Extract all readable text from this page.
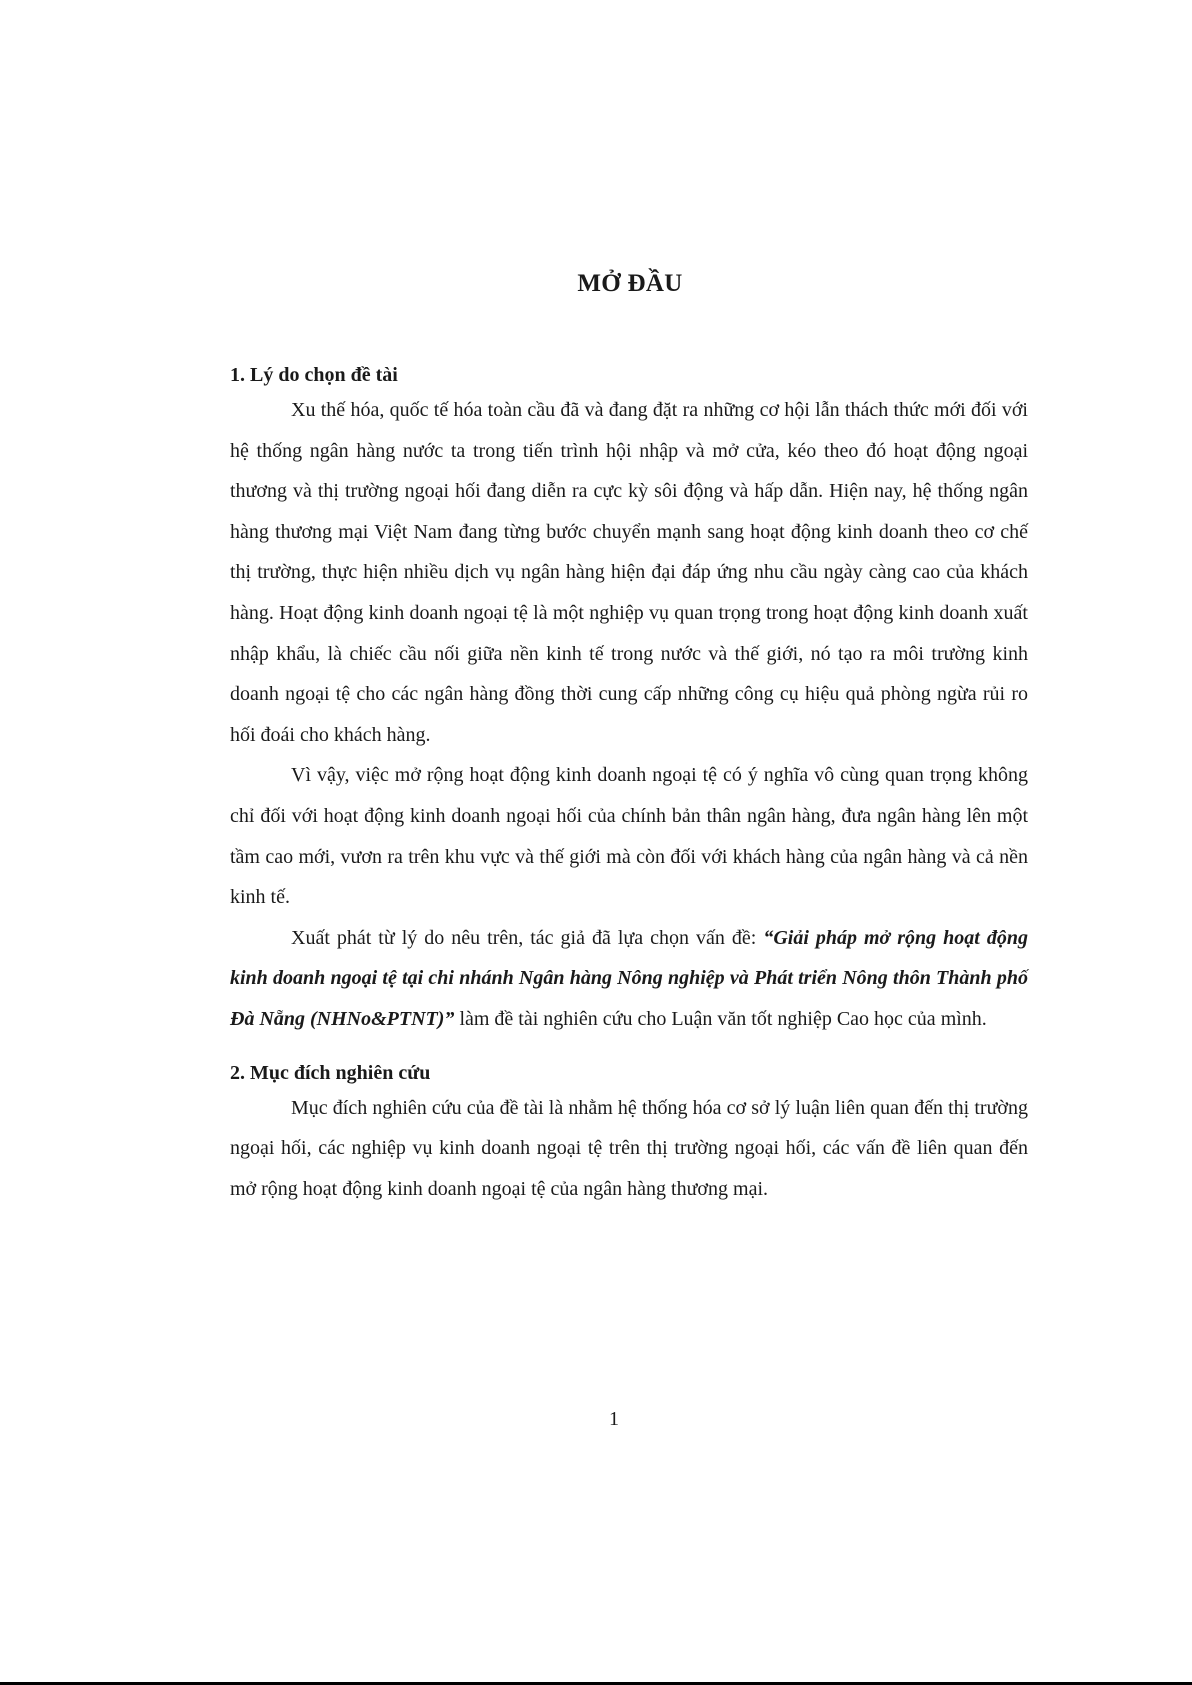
MỞ ĐẦU
1. Lý do chọn đề tài

Xu thế hóa, quốc tế hóa toàn cầu đã và đang đặt ra những cơ hội lẫn thách thức mới đối với hệ thống ngân hàng nước ta trong tiến trình hội nhập và mở cửa, kéo theo đó hoạt động ngoại thương và thị trường ngoại hối đang diễn ra cực kỳ sôi động và hấp dẫn. Hiện nay, hệ thống ngân hàng thương mại Việt Nam đang từng bước chuyển mạnh sang hoạt động kinh doanh theo cơ chế thị trường, thực hiện nhiều dịch vụ ngân hàng hiện đại đáp ứng nhu cầu ngày càng cao của khách hàng. Hoạt động kinh doanh ngoại tệ là một nghiệp vụ quan trọng trong hoạt động kinh doanh xuất nhập khẩu, là chiếc cầu nối giữa nền kinh tế trong nước và thế giới, nó tạo ra môi trường kinh doanh ngoại tệ cho các ngân hàng đồng thời cung cấp những công cụ hiệu quả phòng ngừa rủi ro hối đoái cho khách hàng.

Vì vậy, việc mở rộng hoạt động kinh doanh ngoại tệ có ý nghĩa vô cùng quan trọng không chỉ đối với hoạt động kinh doanh ngoại hối của chính bản thân ngân hàng, đưa ngân hàng lên một tầm cao mới, vươn ra trên khu vực và thế giới mà còn đối với khách hàng của ngân hàng và cả nền kinh tế.

Xuất phát từ lý do nêu trên, tác giả đã lựa chọn vấn đề: “Giải pháp mở rộng hoạt động kinh doanh ngoại tệ tại chi nhánh Ngân hàng Nông nghiệp và Phát triển Nông thôn Thành phố Đà Nẵng (NHNo&PTNT)” làm đề tài nghiên cứu cho Luận văn tốt nghiệp Cao học của mình.

2. Mục đích nghiên cứu

Mục đích nghiên cứu của đề tài là nhằm hệ thống hóa cơ sở lý luận liên quan đến thị trường ngoại hối, các nghiệp vụ kinh doanh ngoại tệ trên thị trường ngoại hối, các vấn đề liên quan đến mở rộng hoạt động kinh doanh ngoại tệ của ngân hàng thương mại.

1
